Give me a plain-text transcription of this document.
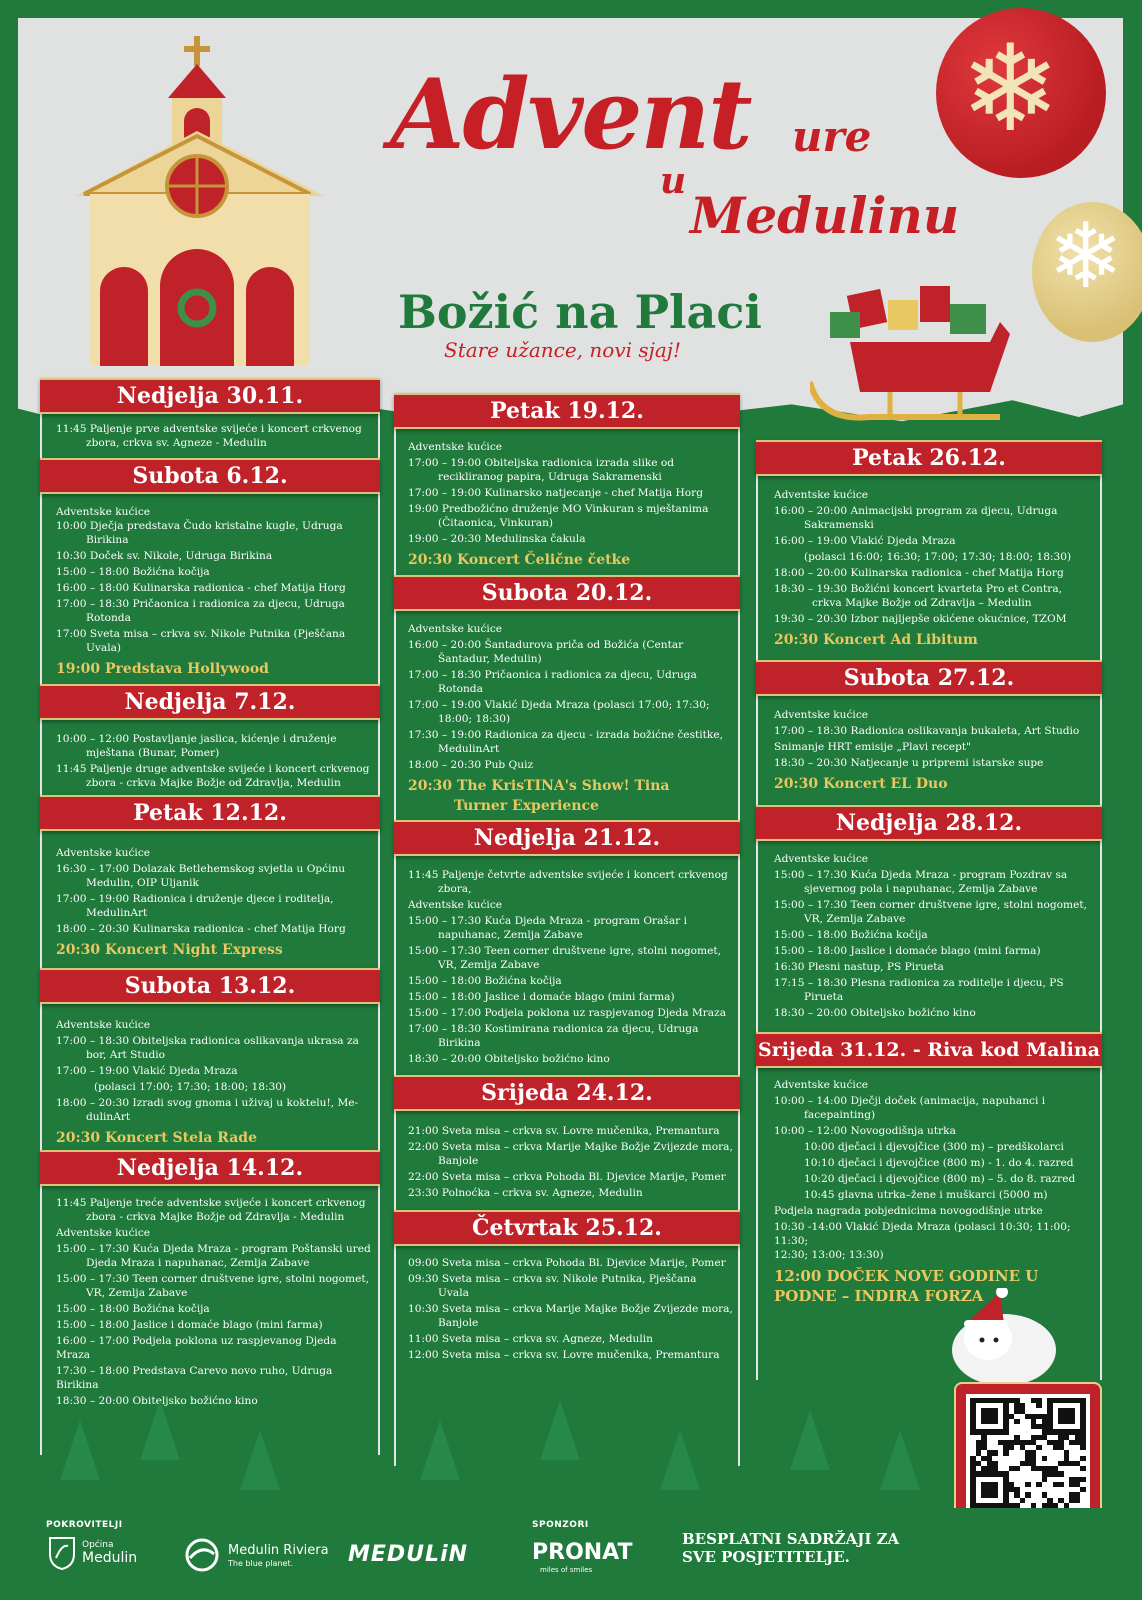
Advent ure
u
Medulinu
Božić na Placi
Stare užance, novi sjaj!
❄
❄
Nedjelja 30.11.
11:45 Paljenje prve adventske svijeće i koncert crkvenog
zbora, crkva sv. Agneze - Medulin
Subota 6.12.
Adventske kućice
10:00 Dječja predstava Čudo kristalne kugle, Udruga
Birikina
10:30 Doček sv. Nikole, Udruga Birikina
15:00 – 18:00 Božićna kočija
16:00 – 18:00 Kulinarska radionica - chef Matija Horg
17:00 – 18:30 Pričaonica i radionica za djecu, Udruga
Rotonda
17:00 Sveta misa – crkva sv. Nikole Putnika (Pješčana
Uvala)
19:00 Predstava Hollywood
Nedjelja 7.12.
10:00 – 12:00 Postavljanje jaslica, kićenje i druženje
mještana (Bunar, Pomer)
11:45 Paljenje druge adventske svijeće i koncert crkvenog
zbora - crkva Majke Božje od Zdravlja, Medulin
Petak 12.12.
Adventske kućice
16:30 – 17:00 Dolazak Betlehemskog svjetla u Općinu
Medulin, OIP Uljanik
17:00 – 19:00 Radionica i druženje djece i roditelja,
MedulinArt
18:00 – 20:30 Kulinarska radionica - chef Matija Horg
20:30 Koncert Night Express
Subota 13.12.
Adventske kućice
17:00 – 18:30 Obiteljska radionica oslikavanja ukrasa za
bor, Art Studio
17:00 – 19:00 Vlakić Djeda Mraza
(polasci 17:00; 17:30; 18:00; 18:30)
18:00 – 20:30 Izradi svog gnoma i uživaj u koktelu!, Me-
dulinArt
20:30 Koncert Stela Rade
Nedjelja 14.12.
11:45 Paljenje treće adventske svijeće i koncert crkvenog
zbora - crkva Majke Božje od Zdravlja - Medulin
Adventske kućice
15:00 – 17:30 Kuća Djeda Mraza - program Poštanski ured
Djeda Mraza i napuhanac, Zemlja Zabave
15:00 – 17:30 Teen corner društvene igre, stolni nogomet,
VR, Zemlja Zabave
15:00 – 18:00 Božićna kočija
15:00 – 18:00 Jaslice i domaće blago (mini farma)
16:00 – 17:00 Podjela poklona uz raspjevanog Djeda Mraza
17:30 – 18:00 Predstava Carevo novo ruho, Udruga Birikina
18:30 – 20:00 Obiteljsko božićno kino
Petak 19.12.
Adventske kućice
17:00 – 19:00 Obiteljska radionica izrada slike od
recikliranog papira, Udruga Sakramenski
17:00 – 19:00 Kulinarsko natjecanje - chef Matija Horg
19:00 Predbožićno druženje MO Vinkuran s mještanima
(Čitaonica, Vinkuran)
19:00 – 20:30 Medulinska čakula
20:30 Koncert Čelične četke
Subota 20.12.
Adventske kućice
16:00 – 20:00 Šantadurova priča od Božića (Centar
Šantadur, Medulin)
17:00 – 18:30 Pričaonica i radionica za djecu, Udruga
Rotonda
17:00 – 19:00 Vlakić Djeda Mraza (polasci 17:00; 17:30;
18:00; 18:30)
17:30 – 19:00 Radionica za djecu - izrada božićne čestitke,
MedulinArt
18:00 – 20:30 Pub Quiz
20:30 The KrisTINA's Show! Tina
Turner Experience
Nedjelja 21.12.
11:45 Paljenje četvrte adventske svijeće i koncert crkvenog
zbora,
Adventske kućice
15:00 – 17:30 Kuća Djeda Mraza - program Orašar i
napuhanac, Zemlja Zabave
15:00 – 17:30 Teen corner društvene igre, stolni nogomet,
VR, Zemlja Zabave
15:00 – 18:00 Božićna kočija
15:00 – 18:00 Jaslice i domaće blago (mini farma)
15:00 – 17:00 Podjela poklona uz raspjevanog Djeda Mraza
17:00 – 18:30 Kostimirana radionica za djecu, Udruga
Birikina
18:30 – 20:00 Obiteljsko božićno kino
Srijeda 24.12.
21:00 Sveta misa – crkva sv. Lovre mučenika, Premantura
22:00 Sveta misa – crkva Marije Majke Božje Zvijezde mora,
Banjole
22:00 Sveta misa – crkva Pohoda Bl. Djevice Marije, Pomer
23:30 Polnoćka – crkva sv. Agneze, Medulin
Četvrtak 25.12.
09:00 Sveta misa – crkva Pohoda Bl. Djevice Marije, Pomer
09:30 Sveta misa – crkva sv. Nikole Putnika, Pješčana
Uvala
10:30 Sveta misa – crkva Marije Majke Božje Zvijezde mora,
Banjole
11:00 Sveta misa – crkva sv. Agneze, Medulin
12:00 Sveta misa – crkva sv. Lovre mučenika, Premantura
Petak 26.12.
Adventske kućice
16:00 – 20:00 Animacijski program za djecu, Udruga
Sakramenski
16:00 – 19:00 Vlakić Djeda Mraza
(polasci 16:00; 16:30; 17:00; 17:30; 18:00; 18:30)
18:00 – 20:00 Kulinarska radionica - chef Matija Horg
18:30 – 19:30 Božićni koncert kvarteta Pro et Contra,
crkva Majke Božje od Zdravlja – Medulin
19:30 – 20:30 Izbor najljepše okićene okućnice, TZOM
20:30 Koncert Ad Libitum
Subota 27.12.
Adventske kućice
17:00 – 18:30 Radionica oslikavanja bukaleta, Art Studio
Snimanje HRT emisije „Plavi recept"
18:30 – 20:30 Natjecanje u pripremi istarske supe
20:30 Koncert EL Duo
Nedjelja 28.12.
Adventske kućice
15:00 – 17:30 Kuća Djeda Mraza - program Pozdrav sa
sjevernog pola i napuhanac, Zemlja Zabave
15:00 – 17:30 Teen corner društvene igre, stolni nogomet,
VR, Zemlja Zabave
15:00 – 18:00 Božićna kočija
15:00 – 18:00 Jaslice i domaće blago (mini farma)
16:30 Plesni nastup, PS Pirueta
17:15 – 18:30 Plesna radionica za roditelje i djecu, PS
Pirueta
18:30 – 20:00 Obiteljsko božićno kino
Srijeda 31.12. - Riva kod Malina
Adventske kućice
10:00 – 14:00 Dječji doček (animacija, napuhanci i
facepainting)
10:00 – 12:00 Novogodišnja utrka
10:00 dječaci i djevojčice (300 m) – predškolarci
10:10 dječaci i djevojčice (800 m) - 1. do 4. razred
10:20 dječaci i djevojčice (800 m) – 5. do 8. razred
10:45 glavna utrka–žene i muškarci (5000 m)
Podjela nagrada pobjednicima novogodišnje utrke
10:30 -14:00 Vlakić Djeda Mraza (polasci 10:30; 11:00; 11:30;
12:30; 13:00; 13:30)
12:00 DOČEK NOVE GODINE U
PODNE – INDIRA FORZA
POKROVITELJI	SPONZORI
Općina
Medulin	Medulin Riviera
The blue planet. MEDULiN	PRONAT
miles of smiles
BESPLATNI SADRŽAJI ZA
SVE POSJETITELJE.
